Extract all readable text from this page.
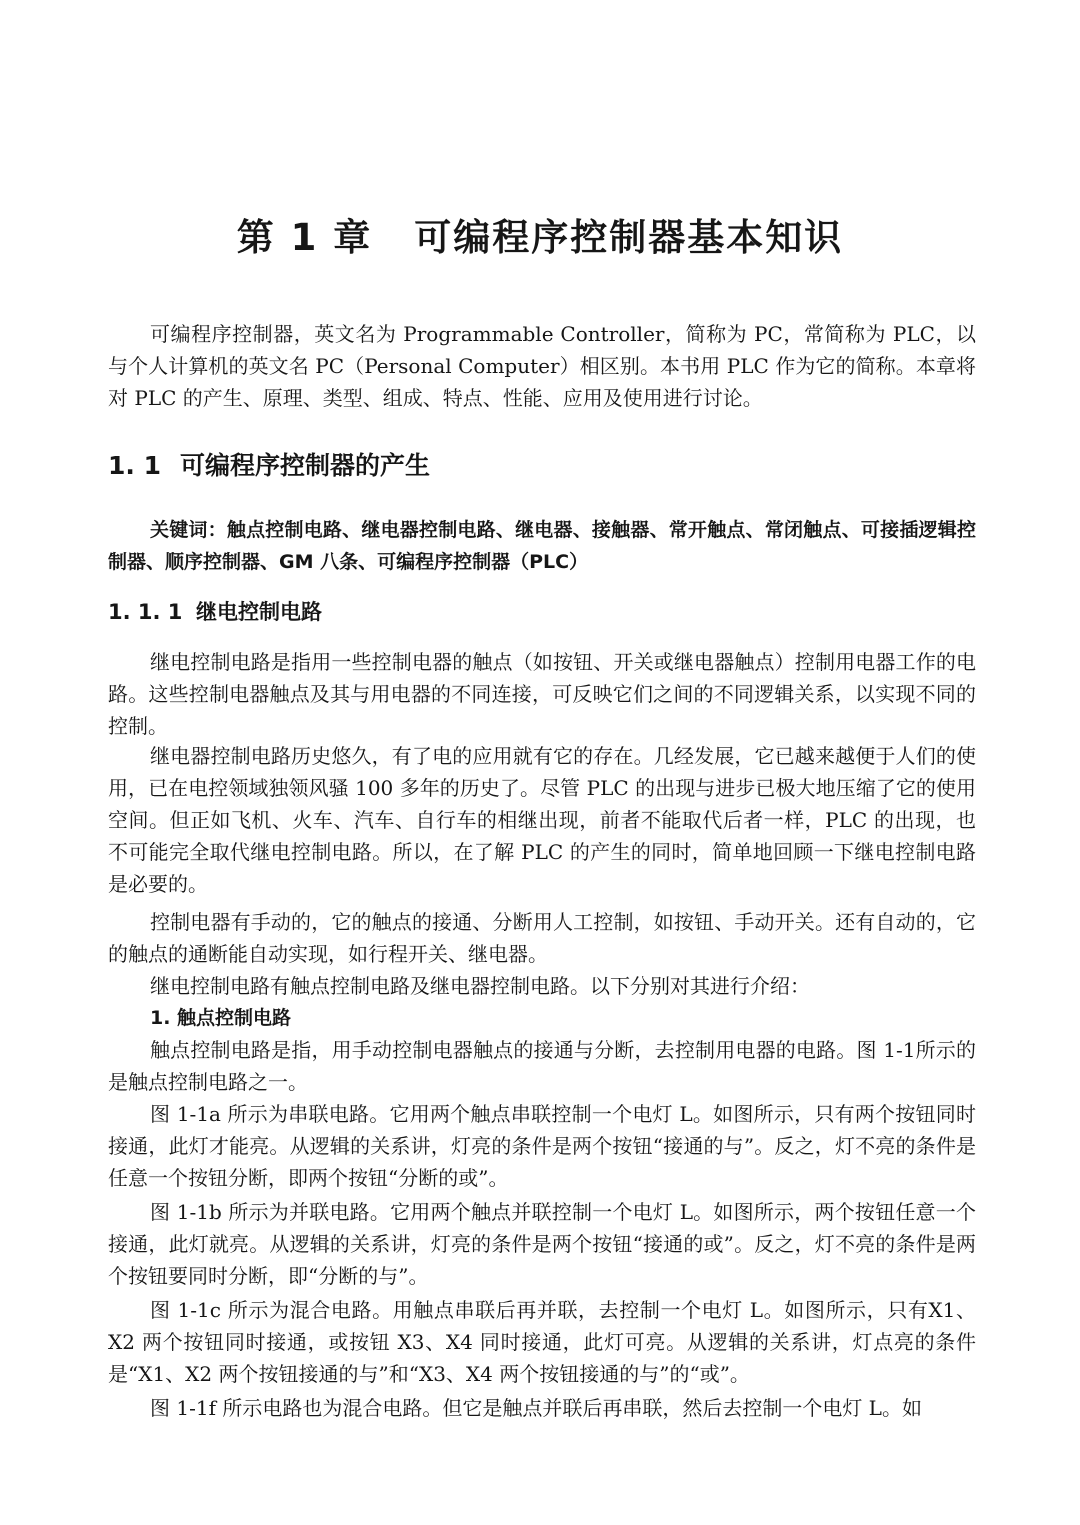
第 1 章 可编程序控制器基本知识

可编程序控制器，英文名为 Programmable Controller，简称为 PC，常简称为 PLC，以与个人计算机的英文名 PC（Personal Computer）相区别。本书用 PLC 作为它的简称。本章将对 PLC 的产生、原理、类型、组成、特点、性能、应用及使用进行讨论。

1. 1 可编程序控制器的产生

关键词：触点控制电路、继电器控制电路、继电器、接触器、常开触点、常闭触点、可接插逻辑控制器、顺序控制器、GM 八条、可编程序控制器（PLC）

1. 1. 1 继电控制电路

继电控制电路是指用一些控制电器的触点（如按钮、开关或继电器触点）控制用电器工作的电路。这些控制电器触点及其与用电器的不同连接，可反映它们之间的不同逻辑关系，以实现不同的控制。

继电器控制电路历史悠久，有了电的应用就有它的存在。几经发展，它已越来越便于人们的使用，已在电控领域独领风骚 100 多年的历史了。尽管 PLC 的出现与进步已极大地压缩了它的使用空间。但正如飞机、火车、汽车、自行车的相继出现，前者不能取代后者一样，PLC 的出现，也不可能完全取代继电控制电路。所以，在了解 PLC 的产生的同时，简单地回顾一下继电控制电路是必要的。

控制电器有手动的，它的触点的接通、分断用人工控制，如按钮、手动开关。还有自动的，它的触点的通断能自动实现，如行程开关、继电器。

继电控制电路有触点控制电路及继电器控制电路。以下分别对其进行介绍：

1. 触点控制电路

触点控制电路是指，用手动控制电器触点的接通与分断，去控制用电器的电路。图 1-1所示的是触点控制电路之一。

图 1-1a 所示为串联电路。它用两个触点串联控制一个电灯 L。如图所示，只有两个按钮同时接通，此灯才能亮。从逻辑的关系讲，灯亮的条件是两个按钮“接通的与”。反之，灯不亮的条件是任意一个按钮分断，即两个按钮“分断的或”。

图 1-1b 所示为并联电路。它用两个触点并联控制一个电灯 L。如图所示，两个按钮任意一个接通，此灯就亮。从逻辑的关系讲，灯亮的条件是两个按钮“接通的或”。反之，灯不亮的条件是两个按钮要同时分断，即“分断的与”。

图 1-1c 所示为混合电路。用触点串联后再并联，去控制一个电灯 L。如图所示，只有X1、X2 两个按钮同时接通，或按钮 X3、X4 同时接通，此灯可亮。从逻辑的关系讲，灯点亮的条件是“X1、X2 两个按钮接通的与”和“X3、X4 两个按钮接通的与”的“或”。

图 1-1f 所示电路也为混合电路。但它是触点并联后再串联，然后去控制一个电灯 L。如
